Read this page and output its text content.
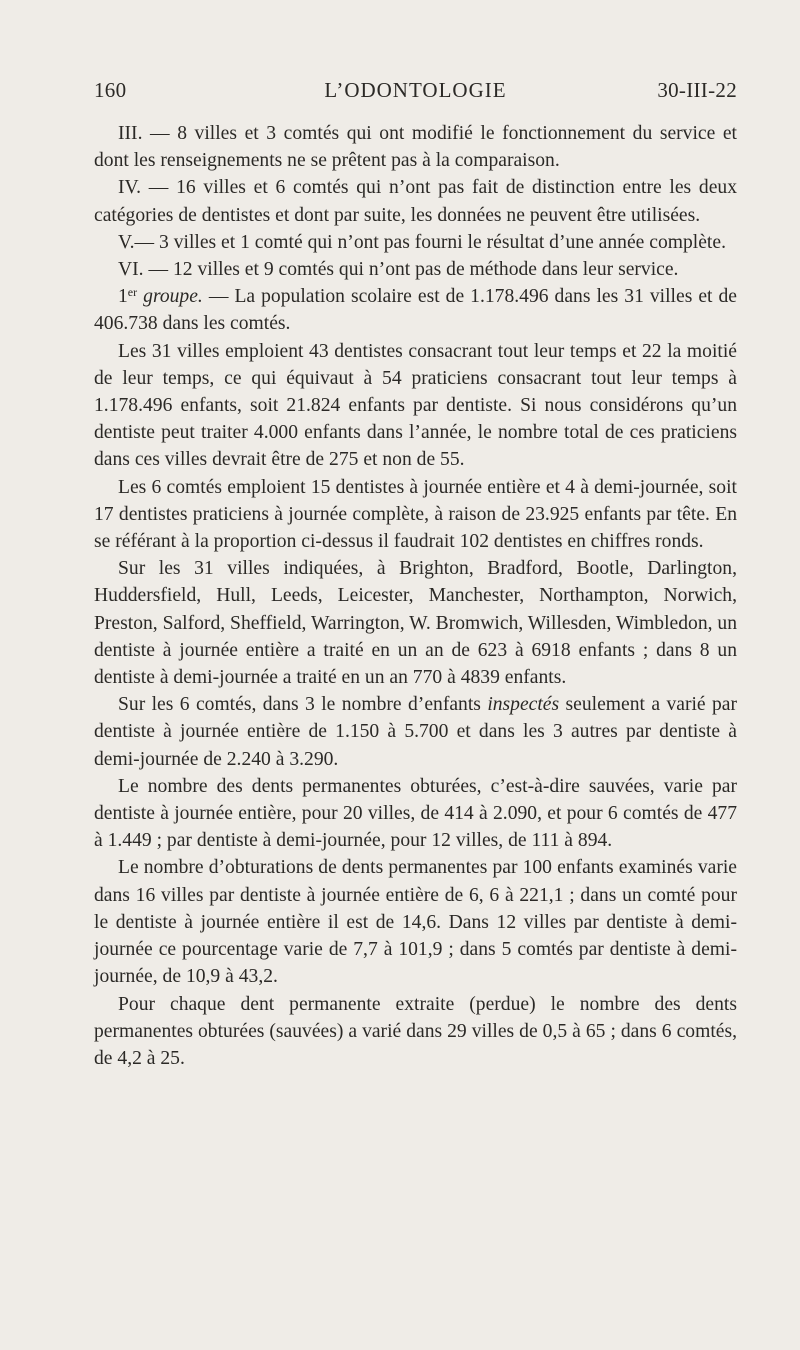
160	L’ODONTOLOGIE	30-III-22

III. — 8 villes et 3 comtés qui ont modifié le fonctionnement du service et dont les renseignements ne se prêtent pas à la comparaison.

IV. — 16 villes et 6 comtés qui n’ont pas fait de distinction entre les deux catégories de dentistes et dont par suite, les données ne peuvent être utilisées.

V.— 3 villes et 1 comté qui n’ont pas fourni le résultat d’une année complète.

VI. — 12 villes et 9 comtés qui n’ont pas de méthode dans leur service.

1er groupe. — La population scolaire est de 1.178.496 dans les 31 villes et de 406.738 dans les comtés.

Les 31 villes emploient 43 dentistes consacrant tout leur temps et 22 la moitié de leur temps, ce qui équivaut à 54 praticiens consacrant tout leur temps à 1.178.496 enfants, soit 21.824 enfants par dentiste. Si nous considérons qu’un dentiste peut traiter 4.000 enfants dans l’année, le nombre total de ces praticiens dans ces villes devrait être de 275 et non de 55.

Les 6 comtés emploient 15 dentistes à journée entière et 4 à demi-journée, soit 17 dentistes praticiens à journée complète, à raison de 23.925 enfants par tête. En se référant à la proportion ci-dessus il faudrait 102 dentistes en chiffres ronds.

Sur les 31 villes indiquées, à Brighton, Bradford, Bootle, Darlington, Huddersfield, Hull, Leeds, Leicester, Manchester, Northampton, Norwich, Preston, Salford, Sheffield, Warrington, W. Bromwich, Willesden, Wimbledon, un dentiste à journée entière a traité en un an de 623 à 6918 enfants ; dans 8 un dentiste à demi-journée a traité en un an 770 à 4839 enfants.

Sur les 6 comtés, dans 3 le nombre d’enfants inspectés seulement a varié par dentiste à journée entière de 1.150 à 5.700 et dans les 3 autres par dentiste à demi-journée de 2.240 à 3.290.

Le nombre des dents permanentes obturées, c’est-à-dire sauvées, varie par dentiste à journée entière, pour 20 villes, de 414 à 2.090, et pour 6 comtés de 477 à 1.449 ; par dentiste à demi-journée, pour 12 villes, de 111 à 894.

Le nombre d’obturations de dents permanentes par 100 enfants examinés varie dans 16 villes par dentiste à journée entière de 6, 6 à 221,1 ; dans un comté pour le dentiste à journée entière il est de 14,6. Dans 12 villes par dentiste à demi-journée ce pourcentage varie de 7,7 à 101,9 ; dans 5 comtés par dentiste à demi-journée, de 10,9 à 43,2.

Pour chaque dent permanente extraite (perdue) le nombre des dents permanentes obturées (sauvées) a varié dans 29 villes de 0,5 à 65 ; dans 6 comtés, de 4,2 à 25.
